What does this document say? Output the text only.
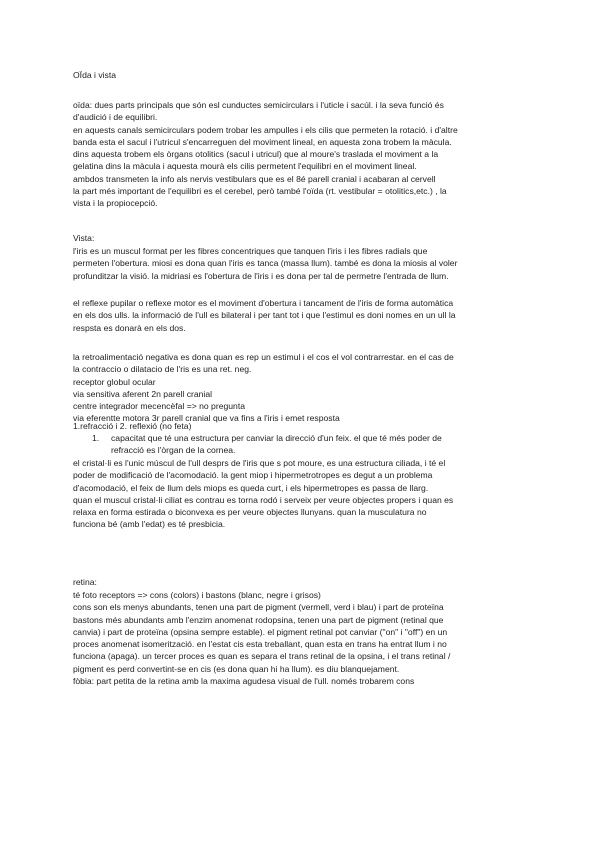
OÏda i vista
oïda: dues parts principals que són esl cunductes semicirculars i l'uticle i sacúl. i la seva funció és
d'audició i de equilibri.
en aquests canals semicirculars podem trobar les ampulles i els cilis que permeten la rotació. i d'altre
banda esta el sacul i l'utricul s'encarreguen del moviment lineal, en aquesta zona trobem la màcula.
dins aquesta trobem els òrgans otolitics (sacul i utricul) que al moure's traslada el moviment a la
gelatina dins la màcula i aquesta mourà els cilis permetent l'equilibri en el moviment lineal.
ambdos transmeten la info als nervis vestibulars que es el 8é parell cranial i acabaran al cervell
la part més important de l'equilibri es el cerebel, però també l'oïda (rt. vestibular = otolitics,etc.) , la
vista i la propiocepció.
Vista:
l'iris es un muscul format per les fibres concentriques que tanquen l'iris i les fibres radials que
permeten l'obertura. miosi es dona quan l'iris es tanca (massa llum). també es dona la miosis al voler
profunditzar la visió. la midriasi es l'obertura de l'iris i es dona per tal de permetre l'entrada de llum.
el reflexe pupilar o reflexe motor es el moviment d'obertura i tancament de l'iris de forma automàtica
en els dos ulls. la informació de l'ull es bilateral i per tant tot i que l'estimul es doni nomes en un ull la
respsta es donarà en els dos.
la retroalimentació negativa es dona quan es rep un estimul i el cos el vol contrarrestar. en el cas de
la contraccio o dilatacio de l'ris es una ret. neg.
receptor globul ocular
via sensitiva aferent 2n parell cranial
centre integrador mecencèfal => no pregunta
via eferentte motora 3r parell cranial que va fins a l'iris i emet resposta
1.refracció i 2. reflexió (no feta)
1. capacitat que té una estructura per canviar la direcció d'un feix. el que té més poder de
refracció es l'òrgan de la cornea.
el cristal·li es l'unic múscul de l'ull desprs de l'iris que s pot moure, es una estructura ciliada, i té el
poder de modificació de l'acomodació. la gent miop i hipermetrotropes es degut a un problema
d'acomodació, el feix de llum dels miops es queda curt, i els hipermetropes es passa de llarg.
quan el muscul cristal·li ciliat es contrau es torna rodó i serveix per veure objectes propers i quan es
relaxa en forma estirada o biconvexa es per veure objectes llunyans. quan la musculatura no
funciona bé (amb l'edat) es té presbicia.
retina:
té foto receptors => cons (colors) i bastons (blanc, negre i grisos)
cons son els menys abundants, tenen una part de pigment (vermell, verd i blau) i part de proteïna
bastons més abundants amb l'enzim anomenat rodopsina, tenen una part de pigment (retinal que
canvia) i part de proteïna (opsina sempre estable). el pigment retinal pot canviar ("on" i "off") en un
proces anomenat isomerització. en l'estat cis esta treballant, quan esta en trans ha entrat llum i no
funciona (apaga). un tercer proces es quan es separa el trans retinal de la opsina, i el trans retinal /
pigment es perd convertint-se en cis (es dona quan hi ha llum). es diu blanquejament.
fòbia: part petita de la retina amb la maxima agudesa visual de l'ull. només trobarem cons
